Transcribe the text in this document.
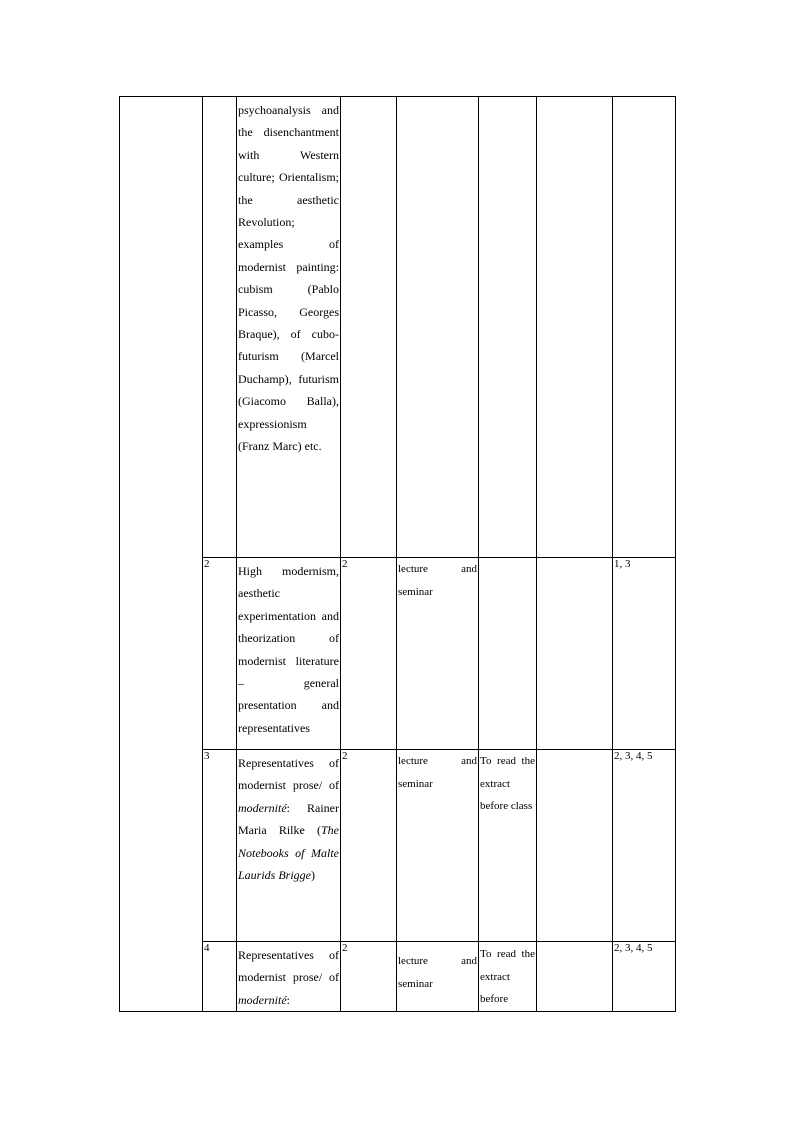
		psychoanalysis and the disenchantment with Western culture; Orientalism; the aesthetic Revolution; examples of modernist painting: cubism (Pablo Picasso, Georges Braque), of cubo-futurism (Marcel Duchamp), futurism (Giacomo Balla), expressionism (Franz Marc) etc.					

	2	High modernism, aesthetic experimentation and theorization of modernist literature – general presentation and representatives	2	lecture and seminar			1, 3

	3	Representatives of modernist prose/ of modernité: Rainer Maria Rilke (The Notebooks of Malte Laurids Brigge)	2	lecture and seminar	To read the extract before class		2, 3, 4, 5

	4	Representatives of modernist prose/ of modernité:	2	lecture and seminar	To read the extract before		2, 3, 4, 5
